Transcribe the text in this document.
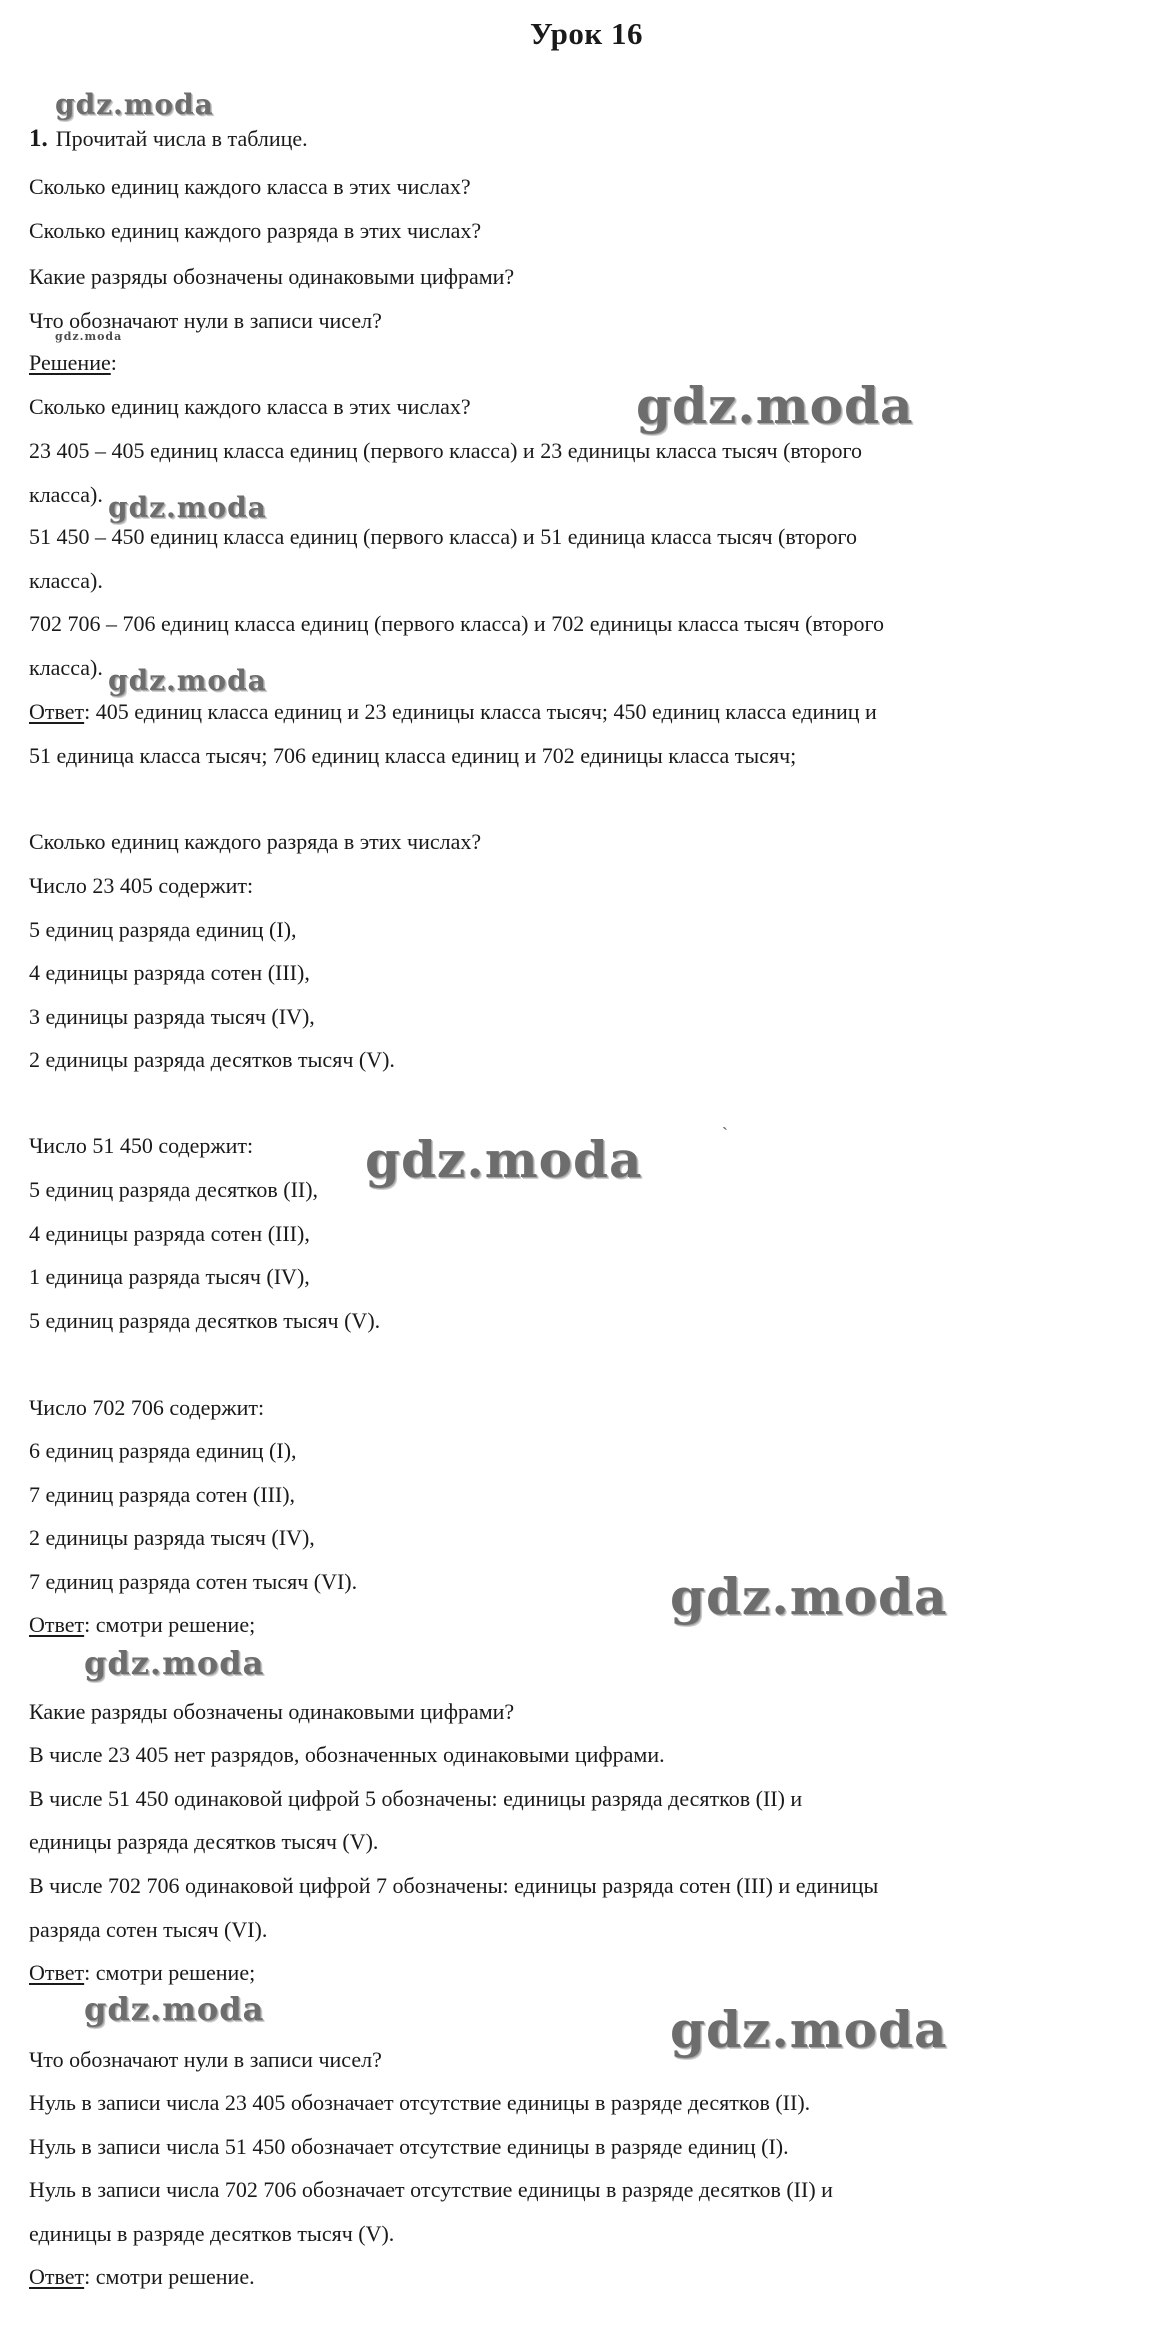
Урок 16
gdz.moda
gdz.moda
gdz.moda
gdz.moda
gdz.moda
gdz.moda	`
gdz.moda
gdz.moda
gdz.moda	gdz.moda
1. Прочитай числа в таблице.
Сколько единиц каждого класса в этих числах?
Сколько единиц каждого разряда в этих числах?
Какие разряды обозначены одинаковыми цифрами?
Что обозначают нули в записи чисел?
Решение:
Сколько единиц каждого класса в этих числах?
23 405 – 405 единиц класса единиц (первого класса) и 23 единицы класса тысяч (второго
класса).
51 450 – 450 единиц класса единиц (первого класса) и 51 единица класса тысяч (второго
класса).
702 706 – 706 единиц класса единиц (первого класса) и 702 единицы класса тысяч (второго
класса).
Ответ: 405 единиц класса единиц и 23 единицы класса тысяч; 450 единиц класса единиц и
51 единица класса тысяч; 706 единиц класса единиц и 702 единицы класса тысяч;
Сколько единиц каждого разряда в этих числах?
Число 23 405 содержит:
5 единиц разряда единиц (I),
4 единицы разряда сотен (III),
3 единицы разряда тысяч (IV),
2 единицы разряда десятков тысяч (V).
Число 51 450 содержит:
5 единиц разряда десятков (II),
4 единицы разряда сотен (III),
1 единица разряда тысяч (IV),
5 единиц разряда десятков тысяч (V).
Число 702 706 содержит:
6 единиц разряда единиц (I),
7 единиц разряда сотен (III),
2 единицы разряда тысяч (IV),
7 единиц разряда сотен тысяч (VI).
Ответ: смотри решение;
Какие разряды обозначены одинаковыми цифрами?
В числе 23 405 нет разрядов, обозначенных одинаковыми цифрами.
В числе 51 450 одинаковой цифрой 5 обозначены: единицы разряда десятков (II) и
единицы разряда десятков тысяч (V).
В числе 702 706 одинаковой цифрой 7 обозначены: единицы разряда сотен (III) и единицы
разряда сотен тысяч (VI).
Ответ: смотри решение;
Что обозначают нули в записи чисел?
Нуль в записи числа 23 405 обозначает отсутствие единицы в разряде десятков (II).
Нуль в записи числа 51 450 обозначает отсутствие единицы в разряде единиц (I).
Нуль в записи числа 702 706 обозначает отсутствие единицы в разряде десятков (II) и
единицы в разряде десятков тысяч (V).
Ответ: смотри решение.
